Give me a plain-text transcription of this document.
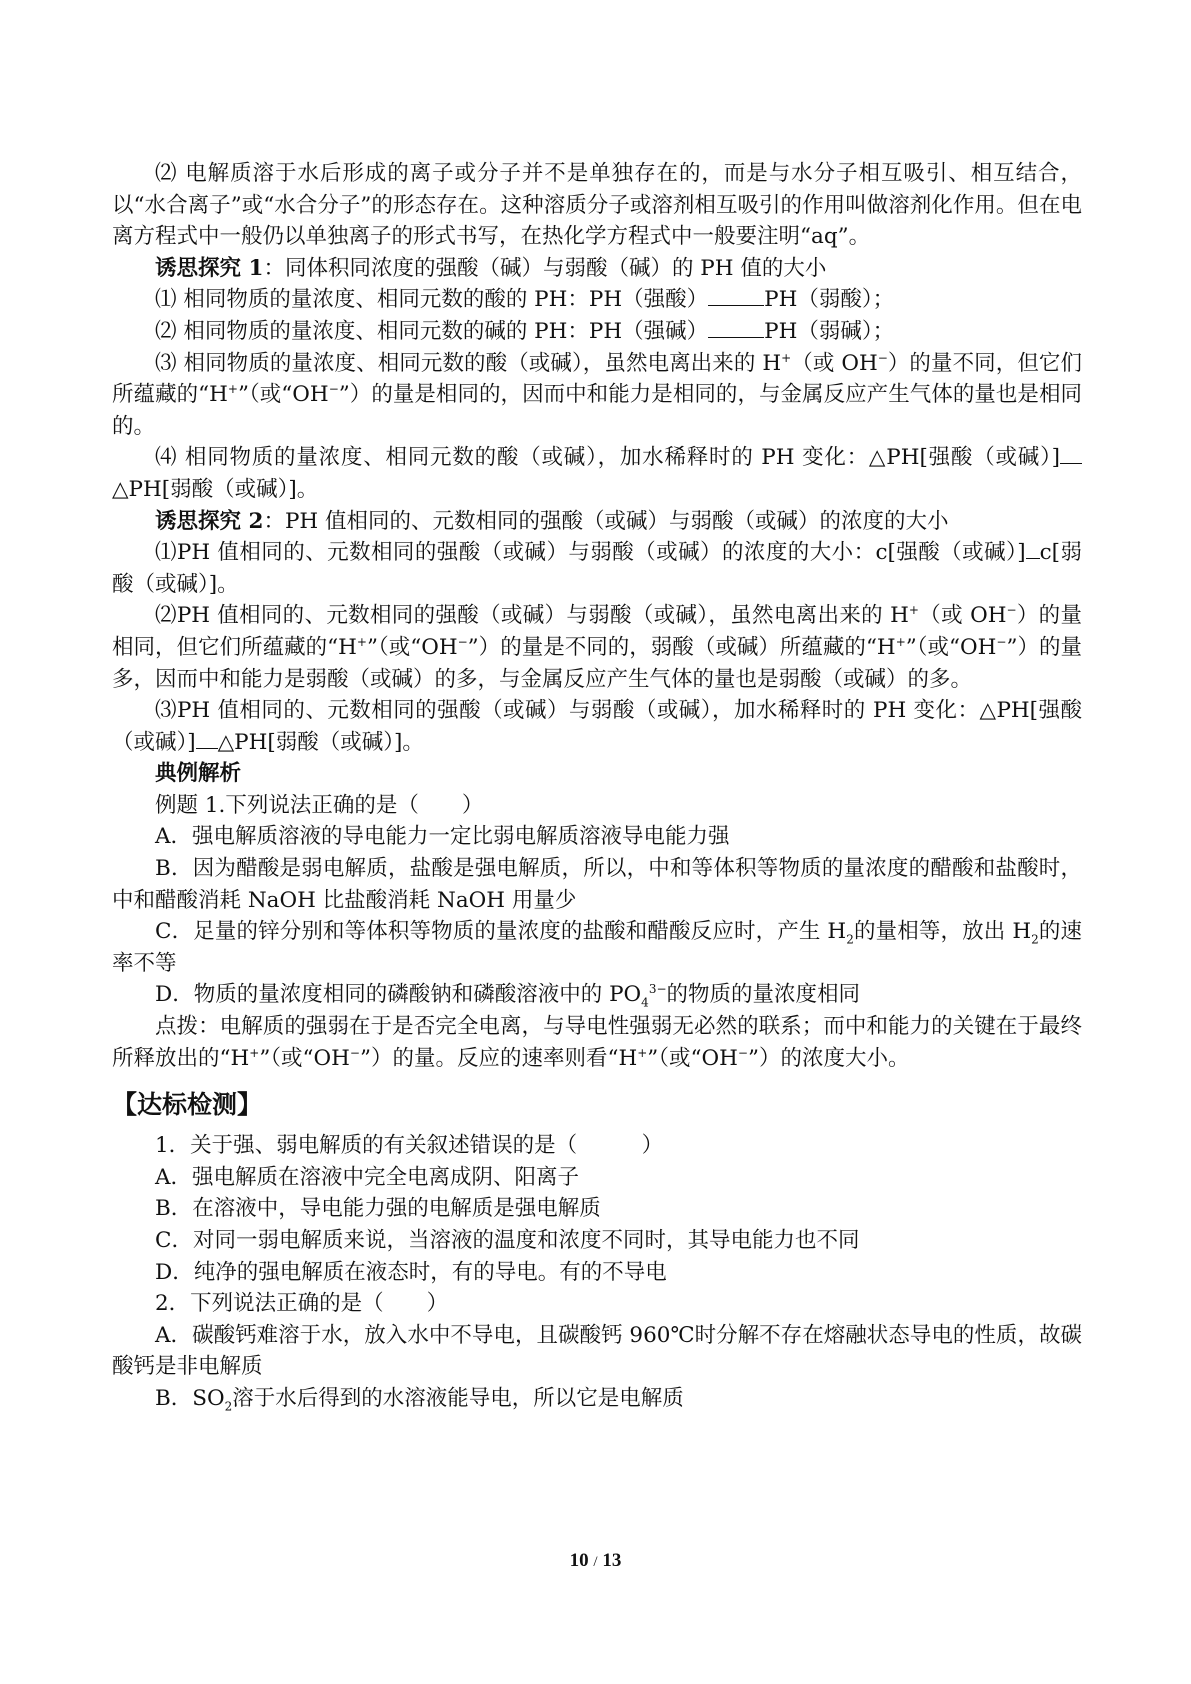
⑵ 电解质溶于水后形成的离子或分子并不是单独存在的，而是与水分子相互吸引、相互结合，以“水合离子”或“水合分子”的形态存在。这种溶质分子或溶剂相互吸引的作用叫做溶剂化作用。但在电离方程式中一般仍以单独离子的形式书写，在热化学方程式中一般要注明“aq”。

诱思探究 1：同体积同浓度的强酸（碱）与弱酸（碱）的 PH 值的大小

⑴ 相同物质的量浓度、相同元数的酸的 PH：PH（强酸）	PH（弱酸）；

⑵ 相同物质的量浓度、相同元数的碱的 PH：PH（强碱）	PH（弱碱）；

⑶ 相同物质的量浓度、相同元数的酸（或碱），虽然电离出来的 H+（或 OH−）的量不同，但它们所蕴藏的“H+”（或“OH−”）的量是相同的，因而中和能力是相同的，与金属反应产生气体的量也是相同的。

⑷ 相同物质的量浓度、相同元数的酸（或碱），加水稀释时的 PH 变化：△PH[强酸（或碱）]△PH[弱酸（或碱）]。

诱思探究 2：PH 值相同的、元数相同的强酸（或碱）与弱酸（或碱）的浓度的大小

⑴PH 值相同的、元数相同的强酸（或碱）与弱酸（或碱）的浓度的大小：c[强酸（或碱）] c[弱酸（或碱）]。

⑵PH 值相同的、元数相同的强酸（或碱）与弱酸（或碱），虽然电离出来的 H+（或 OH−）的量相同，但它们所蕴藏的“H+”（或“OH−”）的量是不同的，弱酸（或碱）所蕴藏的“H+”（或“OH−”）的量多，因而中和能力是弱酸（或碱）的多，与金属反应产生气体的量也是弱酸（或碱）的多。

⑶PH 值相同的、元数相同的强酸（或碱）与弱酸（或碱），加水稀释时的 PH 变化：△PH[强酸（或碱）] △PH[弱酸（或碱）]。

典例解析

例题 1.下列说法正确的是（　　）

A．强电解质溶液的导电能力一定比弱电解质溶液导电能力强

B．因为醋酸是弱电解质，盐酸是强电解质，所以，中和等体积等物质的量浓度的醋酸和盐酸时，中和醋酸消耗 NaOH 比盐酸消耗 NaOH 用量少

C．足量的锌分别和等体积等物质的量浓度的盐酸和醋酸反应时，产生 $H_2$的量相等，放出 $H_2$的速率不等

D．物质的量浓度相同的磷酸钠和磷酸溶液中的 $PO_4^{3-}$的物质的量浓度相同

点拨：电解质的强弱在于是否完全电离，与导电性强弱无必然的联系；而中和能力的关键在于最终所释放出的“H+”（或“OH−”）的量。反应的速率则看“H+”（或“OH−”）的浓度大小。

【达标检测】

1．关于强、弱电解质的有关叙述错误的是（　　　）

A．强电解质在溶液中完全电离成阴、阳离子

B．在溶液中，导电能力强的电解质是强电解质

C．对同一弱电解质来说，当溶液的温度和浓度不同时，其导电能力也不同

D．纯净的强电解质在液态时，有的导电。有的不导电

2．下列说法正确的是（　　）

A．碳酸钙难溶于水，放入水中不导电，且碳酸钙 960℃时分解不存在熔融状态导电的性质，故碳酸钙是非电解质

B．$SO_2$溶于水后得到的水溶液能导电，所以它是电解质

10 / 13
